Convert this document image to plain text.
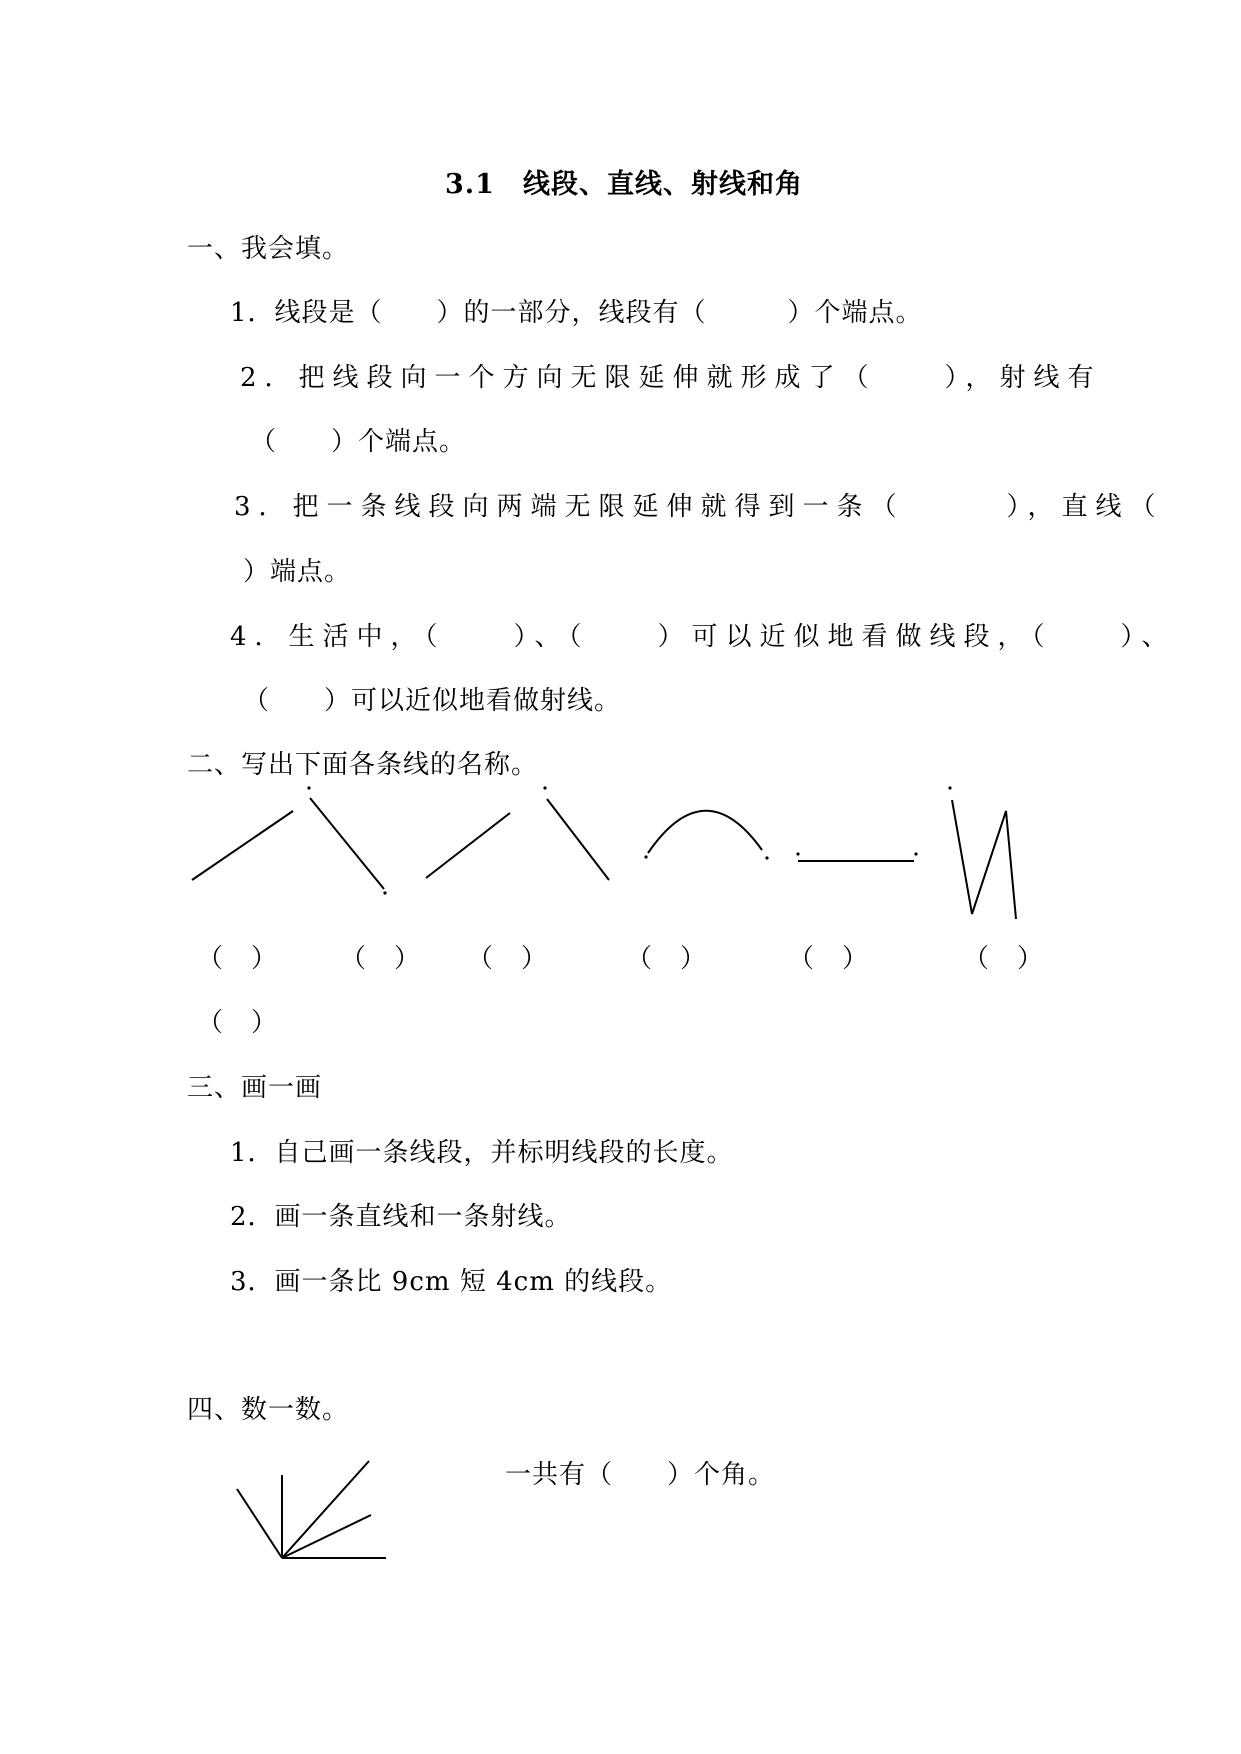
3.1　线段、直线、射线和角
一、我会填。
1．线段是（　　）的一部分，线段有（　　　）个端点。
2．把线段向一个方向无限延伸就形成了（　　），射线有
（　　）个端点。
3．把一条线段向两端无限延伸就得到一条（　　　），直线（
）端点。
4．生活中，（　　）、（　　）可以近似地看做线段，（　　）、
（　　）可以近似地看做射线。
二、写出下面各条线的名称。
（　） （　） （　）	（　）	（　）	（　）
（　）
三、画一画
1．自己画一条线段，并标明线段的长度。
2．画一条直线和一条射线。
3．画一条比 9cm 短 4cm 的线段。
四、数一数。
一共有（　　）个角。
